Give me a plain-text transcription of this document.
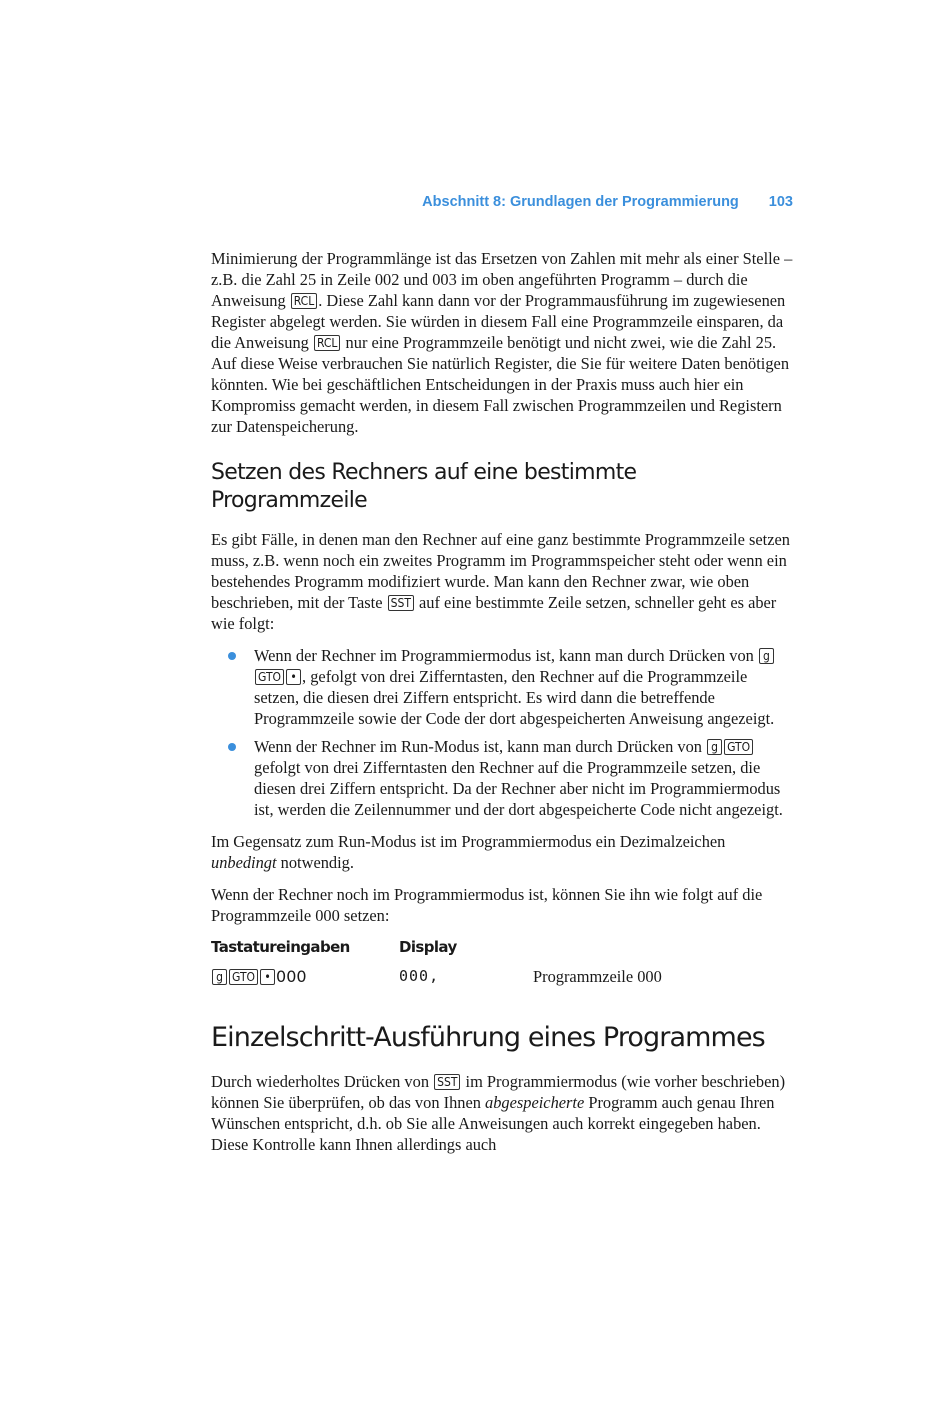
Abschnitt 8: Grundlagen der Programmierung 103

Minimierung der Programmlänge ist das Ersetzen von Zahlen mit mehr als einer Stelle – z.B. die Zahl 25 in Zeile 002 und 003 im oben angeführten Programm – durch die Anweisung RCL . Diese Zahl kann dann vor der Programmausführung im zugewiesenen Register abgelegt werden. Sie würden in diesem Fall eine Programmzeile einsparen, da die Anweisung RCL nur eine Programmzeile benötigt und nicht zwei, wie die Zahl 25. Auf diese Weise verbrauchen Sie natürlich Register, die Sie für weitere Daten benötigen könnten. Wie bei geschäftlichen Entscheidungen in der Praxis muss auch hier ein Kompromiss gemacht werden, in diesem Fall zwischen Programmzeilen und Registern zur Datenspeicherung.

Setzen des Rechners auf eine bestimmte Programmzeile

Es gibt Fälle, in denen man den Rechner auf eine ganz bestimmte Programmzeile setzen muss, z.B. wenn noch ein zweites Programm im Programmspeicher steht oder wenn ein bestehendes Programm modifiziert wurde. Man kann den Rechner zwar, wie oben beschrieben, mit der Taste SST auf eine bestimmte Zeile setzen, schneller geht es aber wie folgt:

Wenn der Rechner im Programmiermodus ist, kann man durch Drücken von gGTO • , gefolgt von drei Zifferntasten, den Rechner auf die Programmzeile setzen, die diesen drei Ziffern entspricht. Es wird dann die betreffende Programmzeile sowie der Code der dort abgespeicherten Anweisung angezeigt.
Wenn der Rechner im Run-Modus ist, kann man durch Drücken von g GTO gefolgt von drei Zifferntasten den Rechner auf die Programmzeile setzen, die diesen drei Ziffern entspricht. Da der Rechner aber nicht im Programmiermodus ist, werden die Zeilennummer und der dort abgespeicherte Code nicht angezeigt.

Im Gegensatz zum Run-Modus ist im Programmiermodus ein Dezimalzeichen unbedingt notwendig.

Wenn der Rechner noch im Programmiermodus ist, können Sie ihn wie folgt auf die Programmzeile 000 setzen:

Tastatureingaben	Display
g GTO • 000	000,	Programmzeile 000
Einzelschritt-Ausführung eines Programmes

Durch wiederholtes Drücken von SST im Programmiermodus (wie vorher beschrieben) können Sie überprüfen, ob das von Ihnen abgespeicherte Programm auch genau Ihren Wünschen entspricht, d.h. ob Sie alle Anweisungen auch korrekt eingegeben haben. Diese Kontrolle kann Ihnen allerdings auch
